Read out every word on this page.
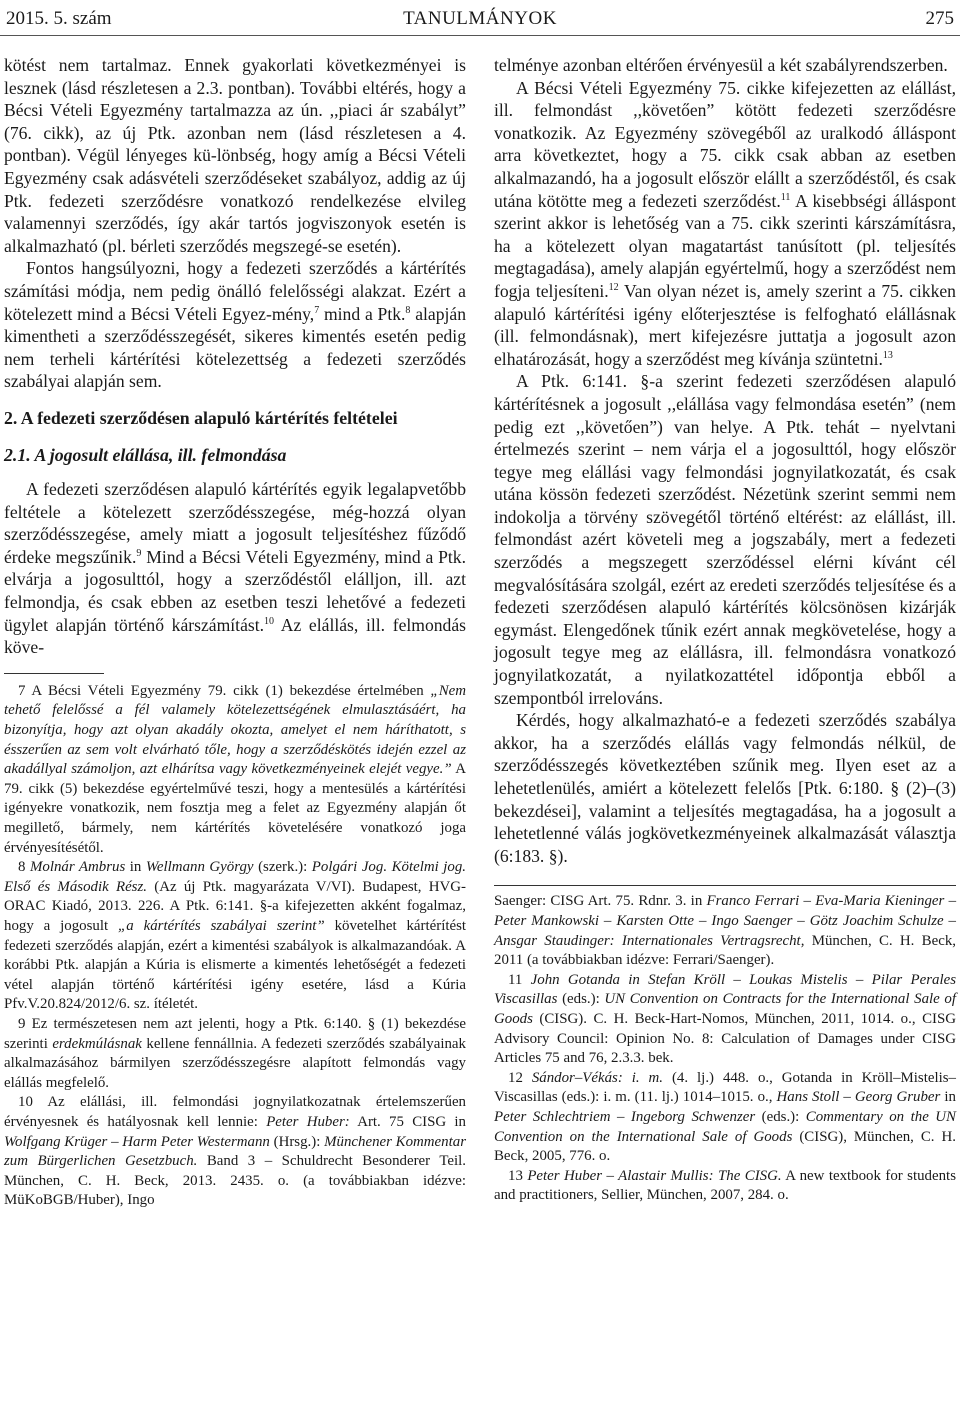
2015. 5. szám	TANULMÁNYOK	275

kötést nem tartalmaz. Ennek gyakorlati következményei is lesznek (lásd részletesen a 2.3. pontban). További eltérés, hogy a Bécsi Vételi Egyezmény tartalmazza az ún. ,,piaci ár szabályt” (76. cikk), az új Ptk. azonban nem (lásd részletesen a 4. pontban). Végül lényeges kü-lönbség, hogy amíg a Bécsi Vételi Egyezmény csak adásvételi szerződéseket szabályoz, addig az új Ptk. fedezeti szerződésre vonatkozó rendelkezése elvileg valamennyi szerződés, így akár tartós jogviszonyok esetén is alkalmazható (pl. bérleti szerződés megszegé-se esetén).

Fontos hangsúlyozni, hogy a fedezeti szerződés a kártérítés számítási módja, nem pedig önálló felelősségi alakzat. Ezért a kötelezett mind a Bécsi Vételi Egyez-mény,$^7$ mind a Ptk.$^8$ alapján kimentheti a szerződésszegését, sikeres kimentés esetén pedig nem terheli kártérítési kötelezettség a fedezeti szerződés szabályai alapján sem.

2. A fedezeti szerződésen alapuló kártérítés feltételei
2.1. A jogosult elállása, ill. felmondása

A fedezeti szerződésen alapuló kártérítés egyik legalapvetőbb feltétele a kötelezett szerződésszegése, még-hozzá olyan szerződésszegése, amely miatt a jogosult teljesítéshez fűződő érdeke megszűnik.$^9$ Mind a Bécsi Vételi Egyezmény, mind a Ptk. elvárja a jogosulttól, hogy a szerződéstől elálljon, ill. azt felmondja, és csak ebben az esetben teszi lehetővé a fedezeti ügylet alapján történő kárszámítást.$^{10}$ Az elállás, ill. felmondás köve-

7 A Bécsi Vételi Egyezmény 79. cikk (1) bekezdése értelmében „Nem tehető felelőssé a fél valamely kötelezettségének elmulasztásáért, ha bizonyítja, hogy azt olyan akadály okozta, amelyet el nem háríthatott, s ésszerűen az sem volt elvárható tőle, hogy a szerződéskötés idején ezzel az akadállyal számoljon, azt elhárítsa vagy következményeinek elejét vegye.” A 79. cikk (5) bekezdése egyértelművé teszi, hogy a mentesülés a kártérítési igényekre vonatkozik, nem fosztja meg a felet az Egyezmény alapján őt megillető, bármely, nem kártérítés követelésére vonatkozó joga érvényesítésétől.

8 Molnár Ambrus in Wellmann György (szerk.): Polgári Jog. Kötelmi jog. Első és Második Rész. (Az új Ptk. magyarázata V/VI). Budapest, HVG-ORAC Kiadó, 2013. 226. A Ptk. 6:141. §-a kifejezetten akként fogalmaz, hogy a jogosult „a kártérítés szabályai szerint” követelhet kártérítést fedezeti szerződés alapján, ezért a kimentési szabályok is alkalmazandóak. A korábbi Ptk. alapján a Kúria is elismerte a kimentés lehetőségét a fedezeti vétel alapján történő kártérítési igény esetére, lásd a Kúria Pfv.V.20.824/2012/6. sz. ítéletét.

9 Ez természetesen nem azt jelenti, hogy a Ptk. 6:140. § (1) bekezdése szerinti erdekmúlásnak kellene fennállnia. A fedezeti szerződés szabályainak alkalmazásához bármilyen szerződésszegésre alapított felmondás vagy elállás megfelelő.

10 Az elállási, ill. felmondási jognyilatkozatnak értelemszerűen érvényesnek és hatályosnak kell lennie: Peter Huber: Art. 75 CISG in Wolfgang Krüger – Harm Peter Westermann (Hrsg.): Münchener Kommentar zum Bürgerlichen Gesetzbuch. Band 3 – Schuldrecht Besonderer Teil. München, C. H. Beck, 2013. 2435. o. (a továbbiakban idézve: MüKoBGB/Huber), Ingo

telménye azonban eltérően érvényesül a két szabályrendszerben.

A Bécsi Vételi Egyezmény 75. cikke kifejezetten az elállást, ill. felmondást ,,követően” kötött fedezeti szerződésre vonatkozik. Az Egyezmény szövegéből az uralkodó álláspont arra következtet, hogy a 75. cikk csak abban az esetben alkalmazandó, ha a jogosult először elállt a szerződéstől, és csak utána kötötte meg a fedezeti szerződést.$^{11}$ A kisebbségi álláspont szerint akkor is lehetőség van a 75. cikk szerinti kárszámításra, ha a kötelezett olyan magatartást tanúsított (pl. teljesítés megtagadása), amely alapján egyértelmű, hogy a szerződést nem fogja teljesíteni.$^{12}$ Van olyan nézet is, amely szerint a 75. cikken alapuló kártérítési igény előterjesztése is felfogható elállásnak (ill. felmondásnak), mert kifejezésre juttatja a jogosult azon elhatározását, hogy a szerződést meg kívánja szüntetni.$^{13}$

A Ptk. 6:141. §-a szerint fedezeti szerződésen alapuló kártérítésnek a jogosult ,,elállása vagy felmondása esetén” (nem pedig ezt ,,követően”) van helye. A Ptk. tehát – nyelvtani értelmezés szerint – nem várja el a jogosulttól, hogy először tegye meg elállási vagy felmondási jognyilatkozatát, és csak utána kössön fedezeti szerződést. Nézetünk szerint semmi nem indokolja a törvény szövegétől történő eltérést: az elállást, ill. felmondást azért követeli meg a jogszabály, mert a fedezeti szerződés a megszegett szerződéssel elérni kívánt cél megvalósítására szolgál, ezért az eredeti szerződés teljesítése és a fedezeti szerződésen alapuló kártérítés kölcsönösen kizárják egymást. Elengedőnek tűnik ezért annak megkövetelése, hogy a jogosult tegye meg az elállásra, ill. felmondásra vonatkozó jognyilatkozatát, a nyilatkozattétel időpontja ebből a szempontból irrelováns.

Kérdés, hogy alkalmazható-e a fedezeti szerződés szabálya akkor, ha a szerződés elállás vagy felmondás nélkül, de szerződésszegés következtében szűnik meg. Ilyen eset az a lehetetlenülés, amiért a kötelezett felelős [Ptk. 6:180. § (2)–(3) bekezdései], valamint a teljesítés megtagadása, ha a jogosult a lehetetlenné válás jogkövetkezményeinek alkalmazását választja (6:183. §).

Saenger: CISG Art. 75. Rdnr. 3. in Franco Ferrari – Eva-Maria Kieninger – Peter Mankowski – Karsten Otte – Ingo Saenger – Götz Joachim Schulze – Ansgar Staudinger: Internationales Vertragsrecht, München, C. H. Beck, 2011 (a továbbiakban idézve: Ferrari/Saenger).

11 John Gotanda in Stefan Kröll – Loukas Mistelis – Pilar Perales Viscasillas (eds.): UN Convention on Contracts for the International Sale of Goods (CISG). C. H. Beck-Hart-Nomos, München, 2011, 1014. o., CISG Advisory Council: Opinion No. 8: Calculation of Damages under CISG Articles 75 and 76, 2.3.3. bek.

12 Sándor–Vékás: i. m. (4. lj.) 448. o., Gotanda in Kröll–Mistelis–Viscasillas (eds.): i. m. (11. lj.) 1014–1015. o., Hans Stoll – Georg Gruber in Peter Schlechtriem – Ingeborg Schwenzer (eds.): Commentary on the UN Convention on the International Sale of Goods (CISG), München, C. H. Beck, 2005, 776. o.

13 Peter Huber – Alastair Mullis: The CISG. A new textbook for students and practitioners, Sellier, München, 2007, 284. o.
